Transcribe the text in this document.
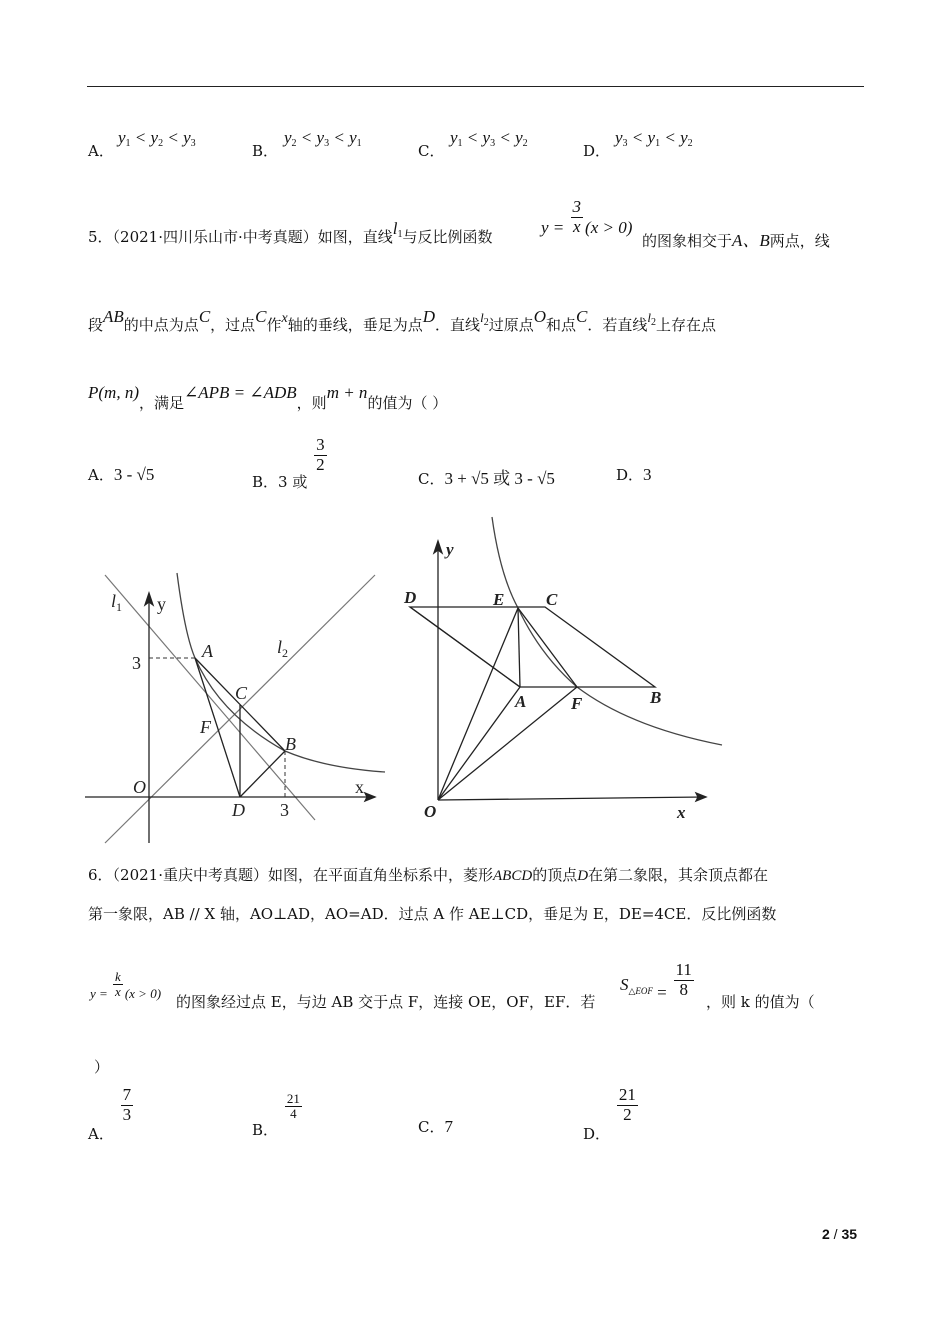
A．
$y_1 < y_2 < y_3$	B．
$y_2 < y_3 < y_1$	C．
$y_1 < y_3 < y_2$	D．
$y_3 < y_1 < y_2$
5．（2021·四川乐山市·中考真题）如图，直线$l_1$与反比例函数	$y = \frac{3}{x} (x > 0)$
的图象相交于A、B两点，线
段AB的中点为点C，过点C作x轴的垂线，垂足为点D．直线$l_2$过原点O和点C．若直线$l_2$上存在点
P(m, n)，满足∠APB = ∠ADB，则m + n的值为（ ）
A．3 - √5	B．3 或
$\frac{3}{2}$
C．3 + √5 或 3 - √5	D．3
$l_1$ y
A	$l_2$
3
C
F
B
O
D 3
x
y
D	E C
A	F	B
O	x
6．（2021·重庆中考真题）如图，在平面直角坐标系中，菱形ABCD的顶点D在第二象限，其余顶点都在
第一象限，AB // X 轴，AO⊥AD，AO=AD．过点 A 作 AE⊥CD，垂足为 E，DE=4CE．反比例函数
$y = \frac{k}{x} (x > 0)$ 的图象经过点 E，与边 AB 交于点 F，连接 OE，OF，EF．若
$S_{\triangle EOF} = \frac{11}{8}$
，则 k 的值为（
）
A．
$\frac{7}{3}$
B．
$\frac{21}{4}$
C．7	D．
$\frac{21}{2}$
2 / 35
